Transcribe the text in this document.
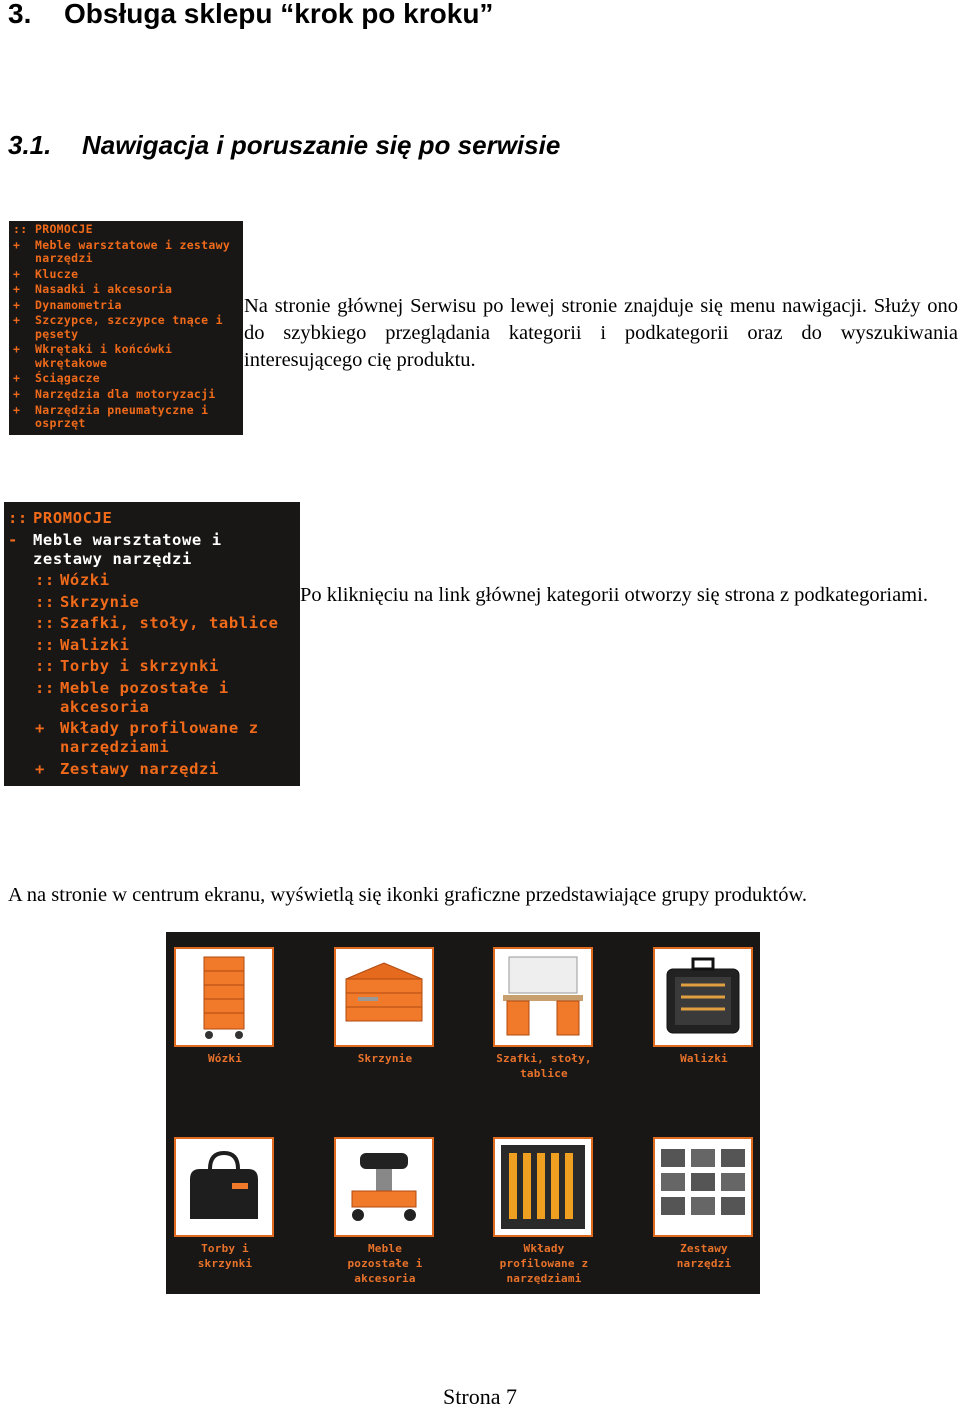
3. Obsługa sklepu “krok po kroku”
3.1. Nawigacja i poruszanie się po serwisie
:: PROMOCJE
+	Meble warsztatowe i zestawy narzędzi
+	Klucze
+	Nasadki i akcesoria
+	Dynamometria
+	Szczypce, szczypce tnące i pęsety
+	Wkrętaki i końcówki wkrętakowe
+	Ściągacze
+	Narzędzia dla motoryzacji
+	Narzędzia pneumatyczne i osprzęt
Na stronie głównej Serwisu po lewej stronie znajduje się menu nawigacji. Służy ono do szybkiego przeglądania kategorii i podkategorii oraz do wyszukiwania interesującego cię produktu.
:: PROMOCJE
- Meble warsztatowe i zestawy narzędzi
:: Wózki
:: Skrzynie
:: Szafki, stoły, tablice
:: Walizki
:: Torby i skrzynki
:: Meble pozostałe i akcesoria
+ Wkłady profilowane z narzędziami
+ Zestawy narzędzi
Po kliknięciu na link głównej kategorii otworzy się strona z podkategoriami.
A na stronie w centrum ekranu, wyświetlą się ikonki graficzne przedstawiające grupy produktów.
Wózki	Skrzynie	Szafki, stoły, tablice
Walizki
Torby i skrzynki
Meble pozostałe i akcesoria
Wkłady profilowane z narzędziami
Zestawy narzędzi
Strona 7
